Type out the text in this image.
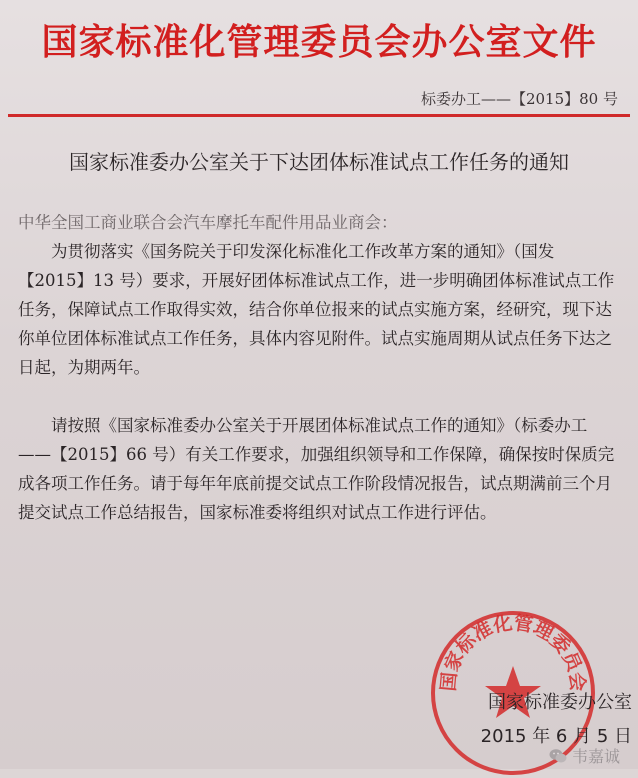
国家标准化管理委员会办公室文件
标委办工——【2015】80 号
国家标准委办公室关于下达团体标准试点工作任务的通知

中华全国工商业联合会汽车摩托车配件用品业商会：

为贯彻落实《国务院关于印发深化标准化工作改革方案的通知》（国发【2015】13 号）要求，开展好团体标准试点工作，进一步明确团体标准试点工作任务，保障试点工作取得实效，结合你单位报来的试点实施方案，经研究，现下达你单位团体标准试点工作任务，具体内容见附件。试点实施周期从试点任务下达之日起，为期两年。

请按照《国家标准委办公室关于开展团体标准试点工作的通知》（标委办工——【2015】66 号）有关工作要求，加强组织领导和工作保障，确保按时保质完成各项工作任务。请于每年年底前提交试点工作阶段情况报告，试点期满前三个月提交试点工作总结报告，国家标准委将组织对试点工作进行评估。

国家标准化管理委员会
国家标准委办公室
2015 年 6 月 5 日
韦嘉诚
